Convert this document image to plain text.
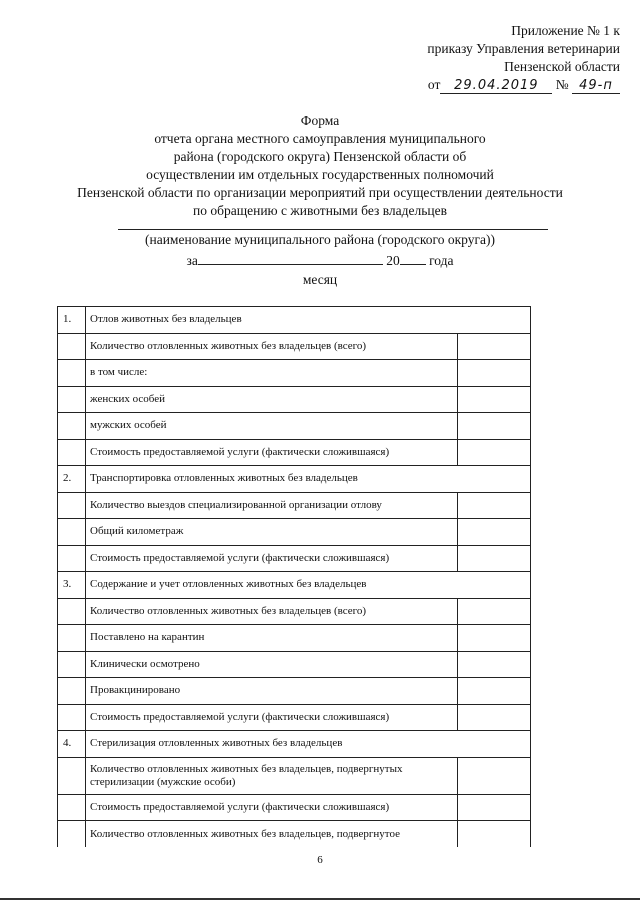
Приложение № 1 к
приказу Управления ветеринарии
Пензенской области
от 29.04.2019 № 49-п
Форма
отчета органа местного самоуправления муниципального
района (городского округа) Пензенской области об
осуществлении им отдельных государственных полномочий
Пензенской области по организации мероприятий при осуществлении деятельности
по обращению с животными без владельцев
(наименование муниципального района (городского округа))
за	20 года
месяц
1.	Отлов животных без владельцев	
	Количество отловленных животных без владельцев (всего)	
	в том числе:	
	женских особей	
	мужских особей	
	Стоимость предоставляемой услуги (фактически сложившаяся)	
2.	Транспортировка отловленных животных без владельцев	
	Количество выездов специализированной организации отлову	
	Общий километраж	
	Стоимость предоставляемой услуги (фактически сложившаяся)	
3.	Содержание и учет отловленных животных без владельцев	
	Количество отловленных животных без владельцев (всего)	
	Поставлено на карантин	
	Клинически осмотрено	
	Провакцинировано	
	Стоимость предоставляемой услуги (фактически сложившаяся)	
4.	Стерилизация отловленных животных без владельцев	
	Количество отловленных животных без владельцев, подвергнутых стерилизации (мужские особи)	
	Стоимость предоставляемой услуги (фактически сложившаяся)	
	Количество отловленных животных без владельцев, подвергнутое	
6
